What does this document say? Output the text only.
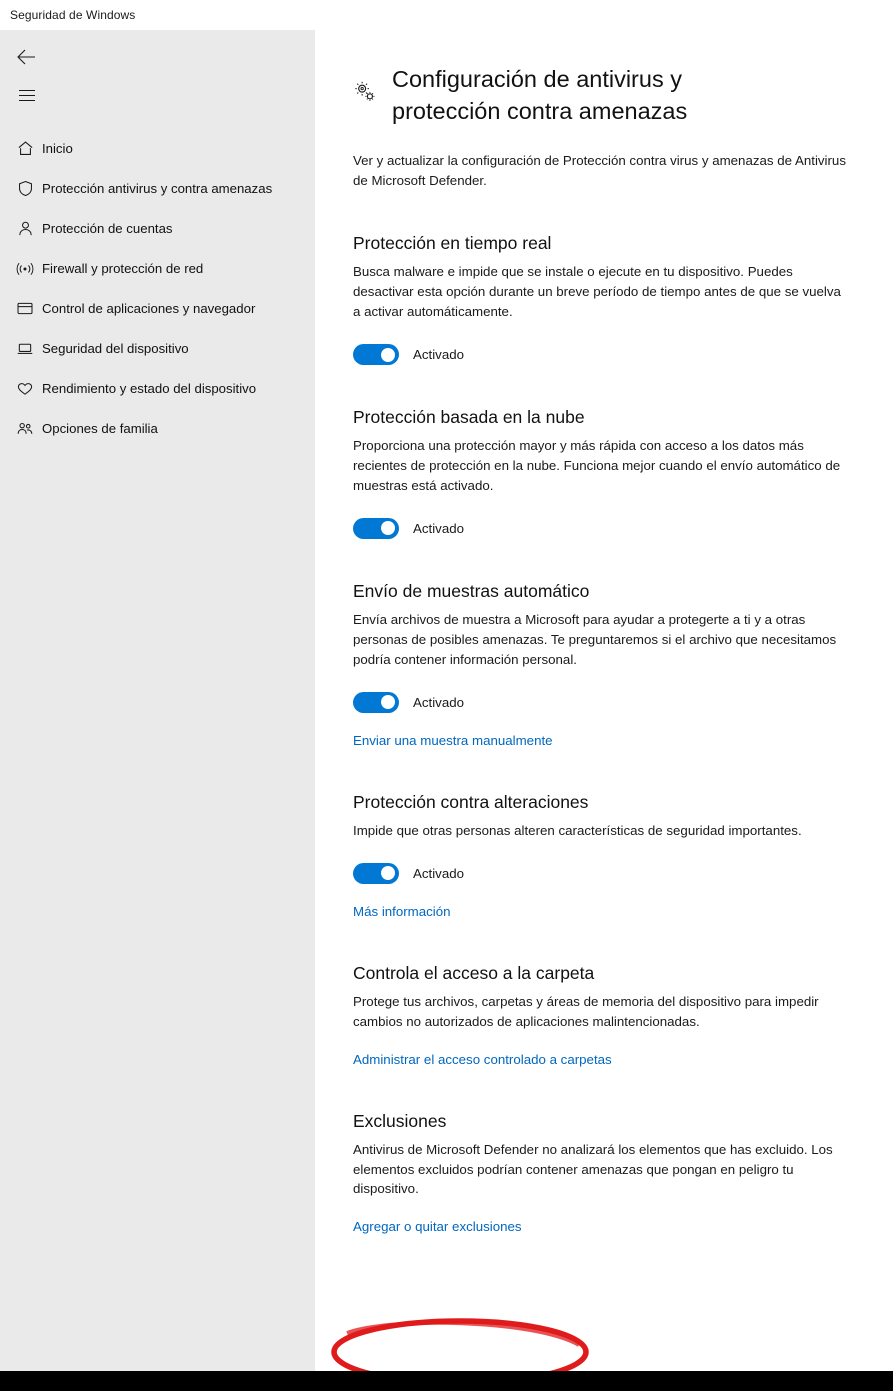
Seguridad de Windows
Inicio
Protección antivirus y contra amenazas
Protección de cuentas
Firewall y protección de red
Control de aplicaciones y navegador
Seguridad del dispositivo
Rendimiento y estado del dispositivo
Opciones de familia
Configuración de antivirus y protección contra amenazas

Ver y actualizar la configuración de Protección contra virus y amenazas de Antivirus de Microsoft Defender.

Protección en tiempo real

Busca malware e impide que se instale o ejecute en tu dispositivo. Puedes desactivar esta opción durante un breve período de tiempo antes de que se vuelva a activar automáticamente.

Activado
Protección basada en la nube

Proporciona una protección mayor y más rápida con acceso a los datos más recientes de protección en la nube. Funciona mejor cuando el envío automático de muestras está activado.

Activado
Envío de muestras automático

Envía archivos de muestra a Microsoft para ayudar a protegerte a ti y a otras personas de posibles amenazas. Te preguntaremos si el archivo que necesitamos podría contener información personal.

Activado
Enviar una muestra manualmente
Protección contra alteraciones

Impide que otras personas alteren características de seguridad importantes.

Activado
Más información
Controla el acceso a la carpeta

Protege tus archivos, carpetas y áreas de memoria del dispositivo para impedir cambios no autorizados de aplicaciones malintencionadas.

Administrar el acceso controlado a carpetas
Exclusiones

Antivirus de Microsoft Defender no analizará los elementos que has excluido. Los elementos excluidos podrían contener amenazas que pongan en peligro tu dispositivo.

Agregar o quitar exclusiones
